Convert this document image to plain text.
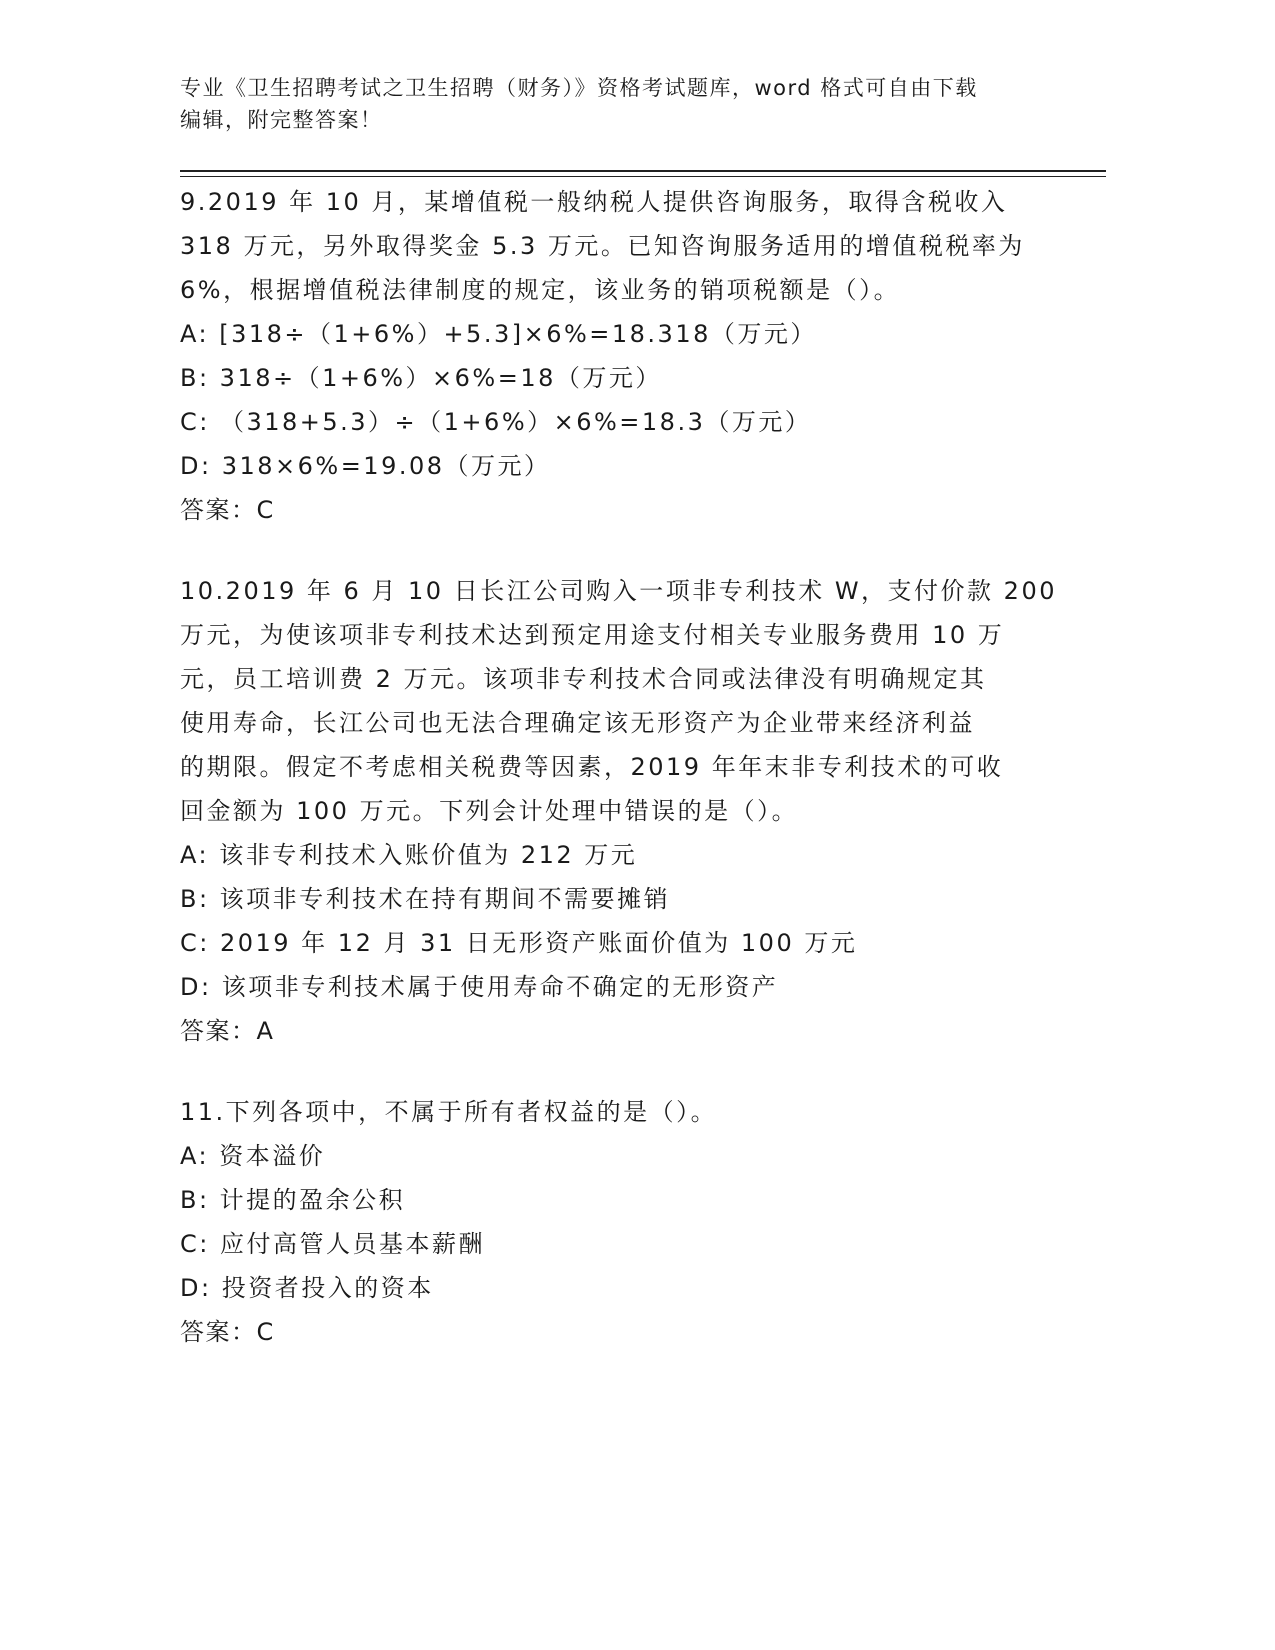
专业《卫生招聘考试之卫生招聘（财务）》资格考试题库，word 格式可自由下载
编辑，附完整答案！
9.2019 年 10 月，某增值税一般纳税人提供咨询服务，取得含税收入
318 万元，另外取得奖金 5.3 万元。已知咨询服务适用的增值税税率为
6%，根据增值税法律制度的规定，该业务的销项税额是（）。
A: [318÷（1+6%）+5.3]×6%=18.318（万元）
B: 318÷（1+6%）×6%=18（万元）
C: （318+5.3）÷（1+6%）×6%=18.3（万元）
D: 318×6%=19.08（万元）
答案：C
10.2019 年 6 月 10 日长江公司购入一项非专利技术 W，支付价款 200
万元，为使该项非专利技术达到预定用途支付相关专业服务费用 10 万
元，员工培训费 2 万元。该项非专利技术合同或法律没有明确规定其
使用寿命，长江公司也无法合理确定该无形资产为企业带来经济利益
的期限。假定不考虑相关税费等因素，2019 年年末非专利技术的可收
回金额为 100 万元。下列会计处理中错误的是（）。
A: 该非专利技术入账价值为 212 万元
B: 该项非专利技术在持有期间不需要摊销
C: 2019 年 12 月 31 日无形资产账面价值为 100 万元
D: 该项非专利技术属于使用寿命不确定的无形资产
答案：A
11.下列各项中，不属于所有者权益的是（）。
A: 资本溢价
B: 计提的盈余公积
C: 应付高管人员基本薪酬
D: 投资者投入的资本
答案：C
